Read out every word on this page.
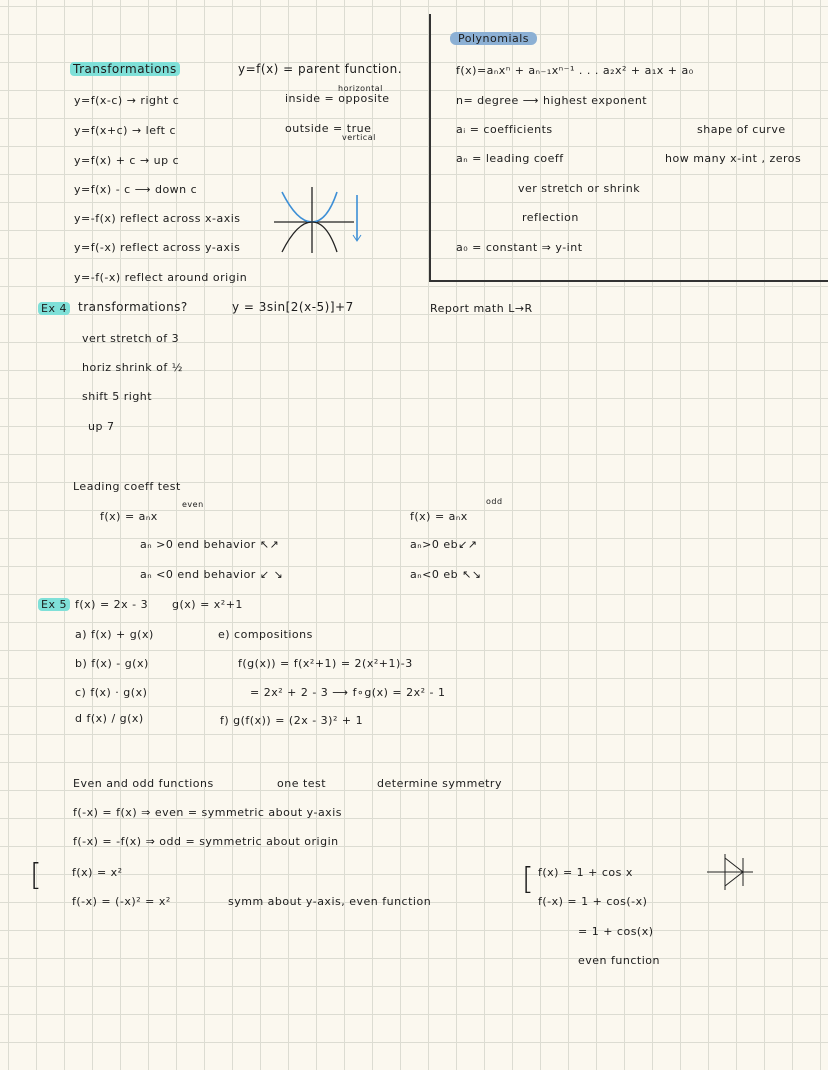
Transformations	y=f(x) = parent function.
horizontal
inside = opposite
outside = true
vertical
y=f(x-c) → right c
y=f(x+c) → left c
y=f(x) + c → up c
y=f(x) - c ⟶ down c
y=-f(x) reflect across x-axis
y=f(-x) reflect across y-axis
y=-f(-x) reflect around origin
Polynomials
f(x)=aₙxⁿ + aₙ₋₁xⁿ⁻¹ . . . a₂x² + a₁x + a₀
n= degree ⟶ highest exponent
aᵢ = coefficients
aₙ = leading coeff
ver stretch or shrink
reflection
a₀ = constant ⇒ y-int
shape of curve
how many x-int , zeros
Report math L→R
Ex 4 transformations?	y = 3sin[2(x-5)]+7
vert stretch of 3
horiz shrink of ½
shift 5 right
up 7
Leading coeff test
f(x) = aₙx
even
aₙ >0 end behavior ↖↗
aₙ <0 end behavior ↙ ↘
f(x) = aₙx
odd
aₙ>0 eb↙↗
aₙ<0 eb ↖↘
Ex 5 f(x) = 2x - 3 g(x) = x²+1
a) f(x) + g(x)
b) f(x) - g(x)
c) f(x) · g(x)
d f(x) / g(x)
e) compositions
f(g(x)) = f(x²+1) = 2(x²+1)-3
= 2x² + 2 - 3 ⟶ f∘g(x) = 2x² - 1
f) g(f(x)) = (2x - 3)² + 1
Even and odd functions	one test	determine symmetry
f(-x) = f(x) ⇒ even = symmetric about y-axis
f(-x) = -f(x) ⇒ odd = symmetric about origin
[	f(x) = x²
f(-x) = (-x)² = x²	symm about y-axis, even function
[ f(x) = 1 + cos x
f(-x) = 1 + cos(-x)
= 1 + cos(x)
even function
